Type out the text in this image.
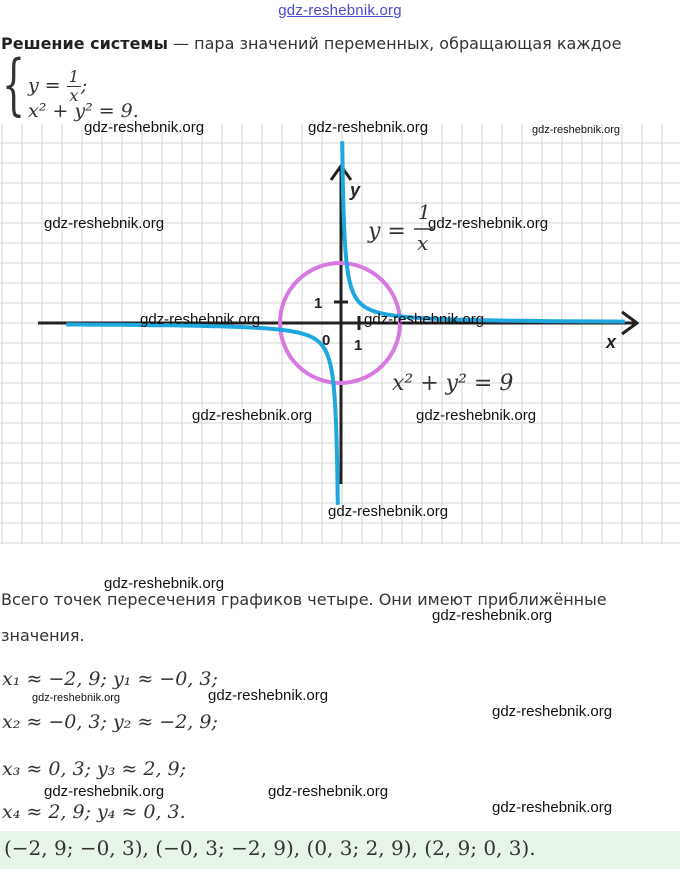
gdz-reshebnik.org
Решение системы — пара значений переменных, обращающая каждое
{ $y = \frac{1}{x}$ ;
x² + y² = 9.
y
x
0
1
1
y =
1
x
x² + y² = 9
gdz-reshebnik.org	gdz-reshebnik.org	gdz-reshebnik.org
gdz-reshebnik.org	gdz-reshebnik.org
gdz-reshebnik.org	gdz-reshebnik.org
gdz-reshebnik.org	gdz-reshebnik.org
gdz-reshebnik.org
gdz-reshebnik.org
Всего точек пересечения графиков четыре. Они имеют приближённые
gdz-reshebnik.org
значения.
x₁ ≈ −2, 9; y₁ ≈ −0, 3;
gdz-reshebnik.org	gdz-reshebnik.org
x₂ ≈ −0, 3; y₂ ≈ −2, 9;	gdz-reshebnik.org
x₃ ≈ 0, 3; y₃ ≈ 2, 9;
gdz-reshebnik.org	gdz-reshebnik.org
x₄ ≈ 2, 9; y₄ ≈ 0, 3.	gdz-reshebnik.org
(−2, 9; −0, 3), (−0, 3; −2, 9), (0, 3; 2, 9), (2, 9; 0, 3).
